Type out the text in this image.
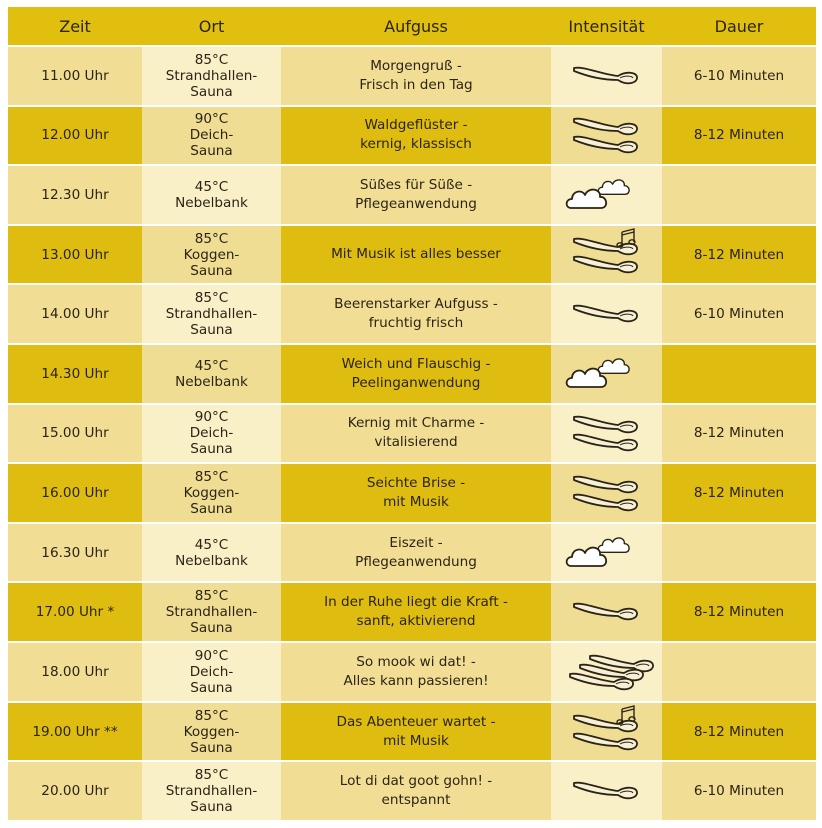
Zeit	Ort	Aufguss	Intensität	Dauer
11.00 Uhr	85°C
Strandhallen-
Sauna	Morgengruß -
Frisch in den Tag		6-10 Minuten
12.00 Uhr	90°C
Deich-
Sauna	Waldgeflüster -
kernig, klassisch		8-12 Minuten
12.30 Uhr	45°C
Nebelbank	Süßes für Süße -
Pflegeanwendung

13.00 Uhr	85°C
Koggen-
Sauna	Mit Musik ist alles besser		8-12 Minuten
14.00 Uhr	85°C
Strandhallen-
Sauna	Beerenstarker Aufguss -
fruchtig frisch		6-10 Minuten
14.30 Uhr	45°C
Nebelbank	Weich und Flauschig -
Peelinganwendung

15.00 Uhr	90°C
Deich-
Sauna	Kernig mit Charme -
vitalisierend		8-12 Minuten
16.00 Uhr	85°C
Koggen-
Sauna	Seichte Brise -
mit Musik		8-12 Minuten
16.30 Uhr	45°C
Nebelbank	Eiszeit -
Pflegeanwendung

17.00 Uhr *	85°C
Strandhallen-
Sauna	In der Ruhe liegt die Kraft -
sanft, aktivierend		8-12 Minuten
18.00 Uhr	90°C
Deich-
Sauna	So mook wi dat! -
Alles kann passieren!

19.00 Uhr **	85°C
Koggen-
Sauna	Das Abenteuer wartet -
mit Musik		8-12 Minuten
20.00 Uhr	85°C
Strandhallen-
Sauna	Lot di dat goot gohn! -
entspannt		6-10 Minuten
